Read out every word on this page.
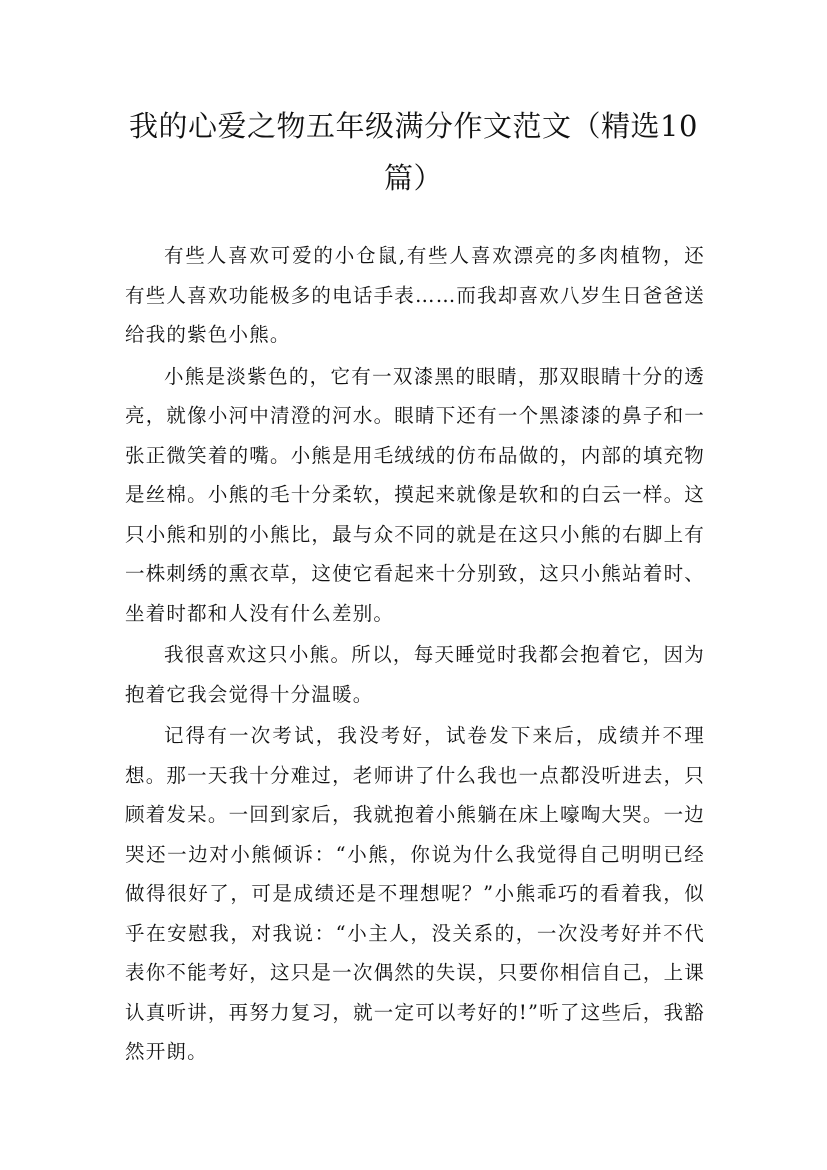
我的心爱之物五年级满分作文范文（精选10篇）

有些人喜欢可爱的小仓鼠,有些人喜欢漂亮的多肉植物，还有些人喜欢功能极多的电话手表……而我却喜欢八岁生日爸爸送给我的紫色小熊。

小熊是淡紫色的，它有一双漆黑的眼睛，那双眼睛十分的透亮，就像小河中清澄的河水。眼睛下还有一个黑漆漆的鼻子和一张正微笑着的嘴。小熊是用毛绒绒的仿布品做的，内部的填充物是丝棉。小熊的毛十分柔软，摸起来就像是软和的白云一样。这只小熊和别的小熊比，最与众不同的就是在这只小熊的右脚上有一株刺绣的熏衣草，这使它看起来十分别致，这只小熊站着时、坐着时都和人没有什么差别。

我很喜欢这只小熊。所以，每天睡觉时我都会抱着它，因为抱着它我会觉得十分温暖。

记得有一次考试，我没考好，试卷发下来后，成绩并不理想。那一天我十分难过，老师讲了什么我也一点都没听进去，只顾着发呆。一回到家后，我就抱着小熊躺在床上嚎啕大哭。一边哭还一边对小熊倾诉：“小熊，你说为什么我觉得自己明明已经做得很好了，可是成绩还是不理想呢？”小熊乖巧的看着我，似乎在安慰我，对我说：“小主人，没关系的，一次没考好并不代表你不能考好，这只是一次偶然的失误，只要你相信自己，上课认真听讲，再努力复习，就一定可以考好的!”听了这些后，我豁然开朗。
